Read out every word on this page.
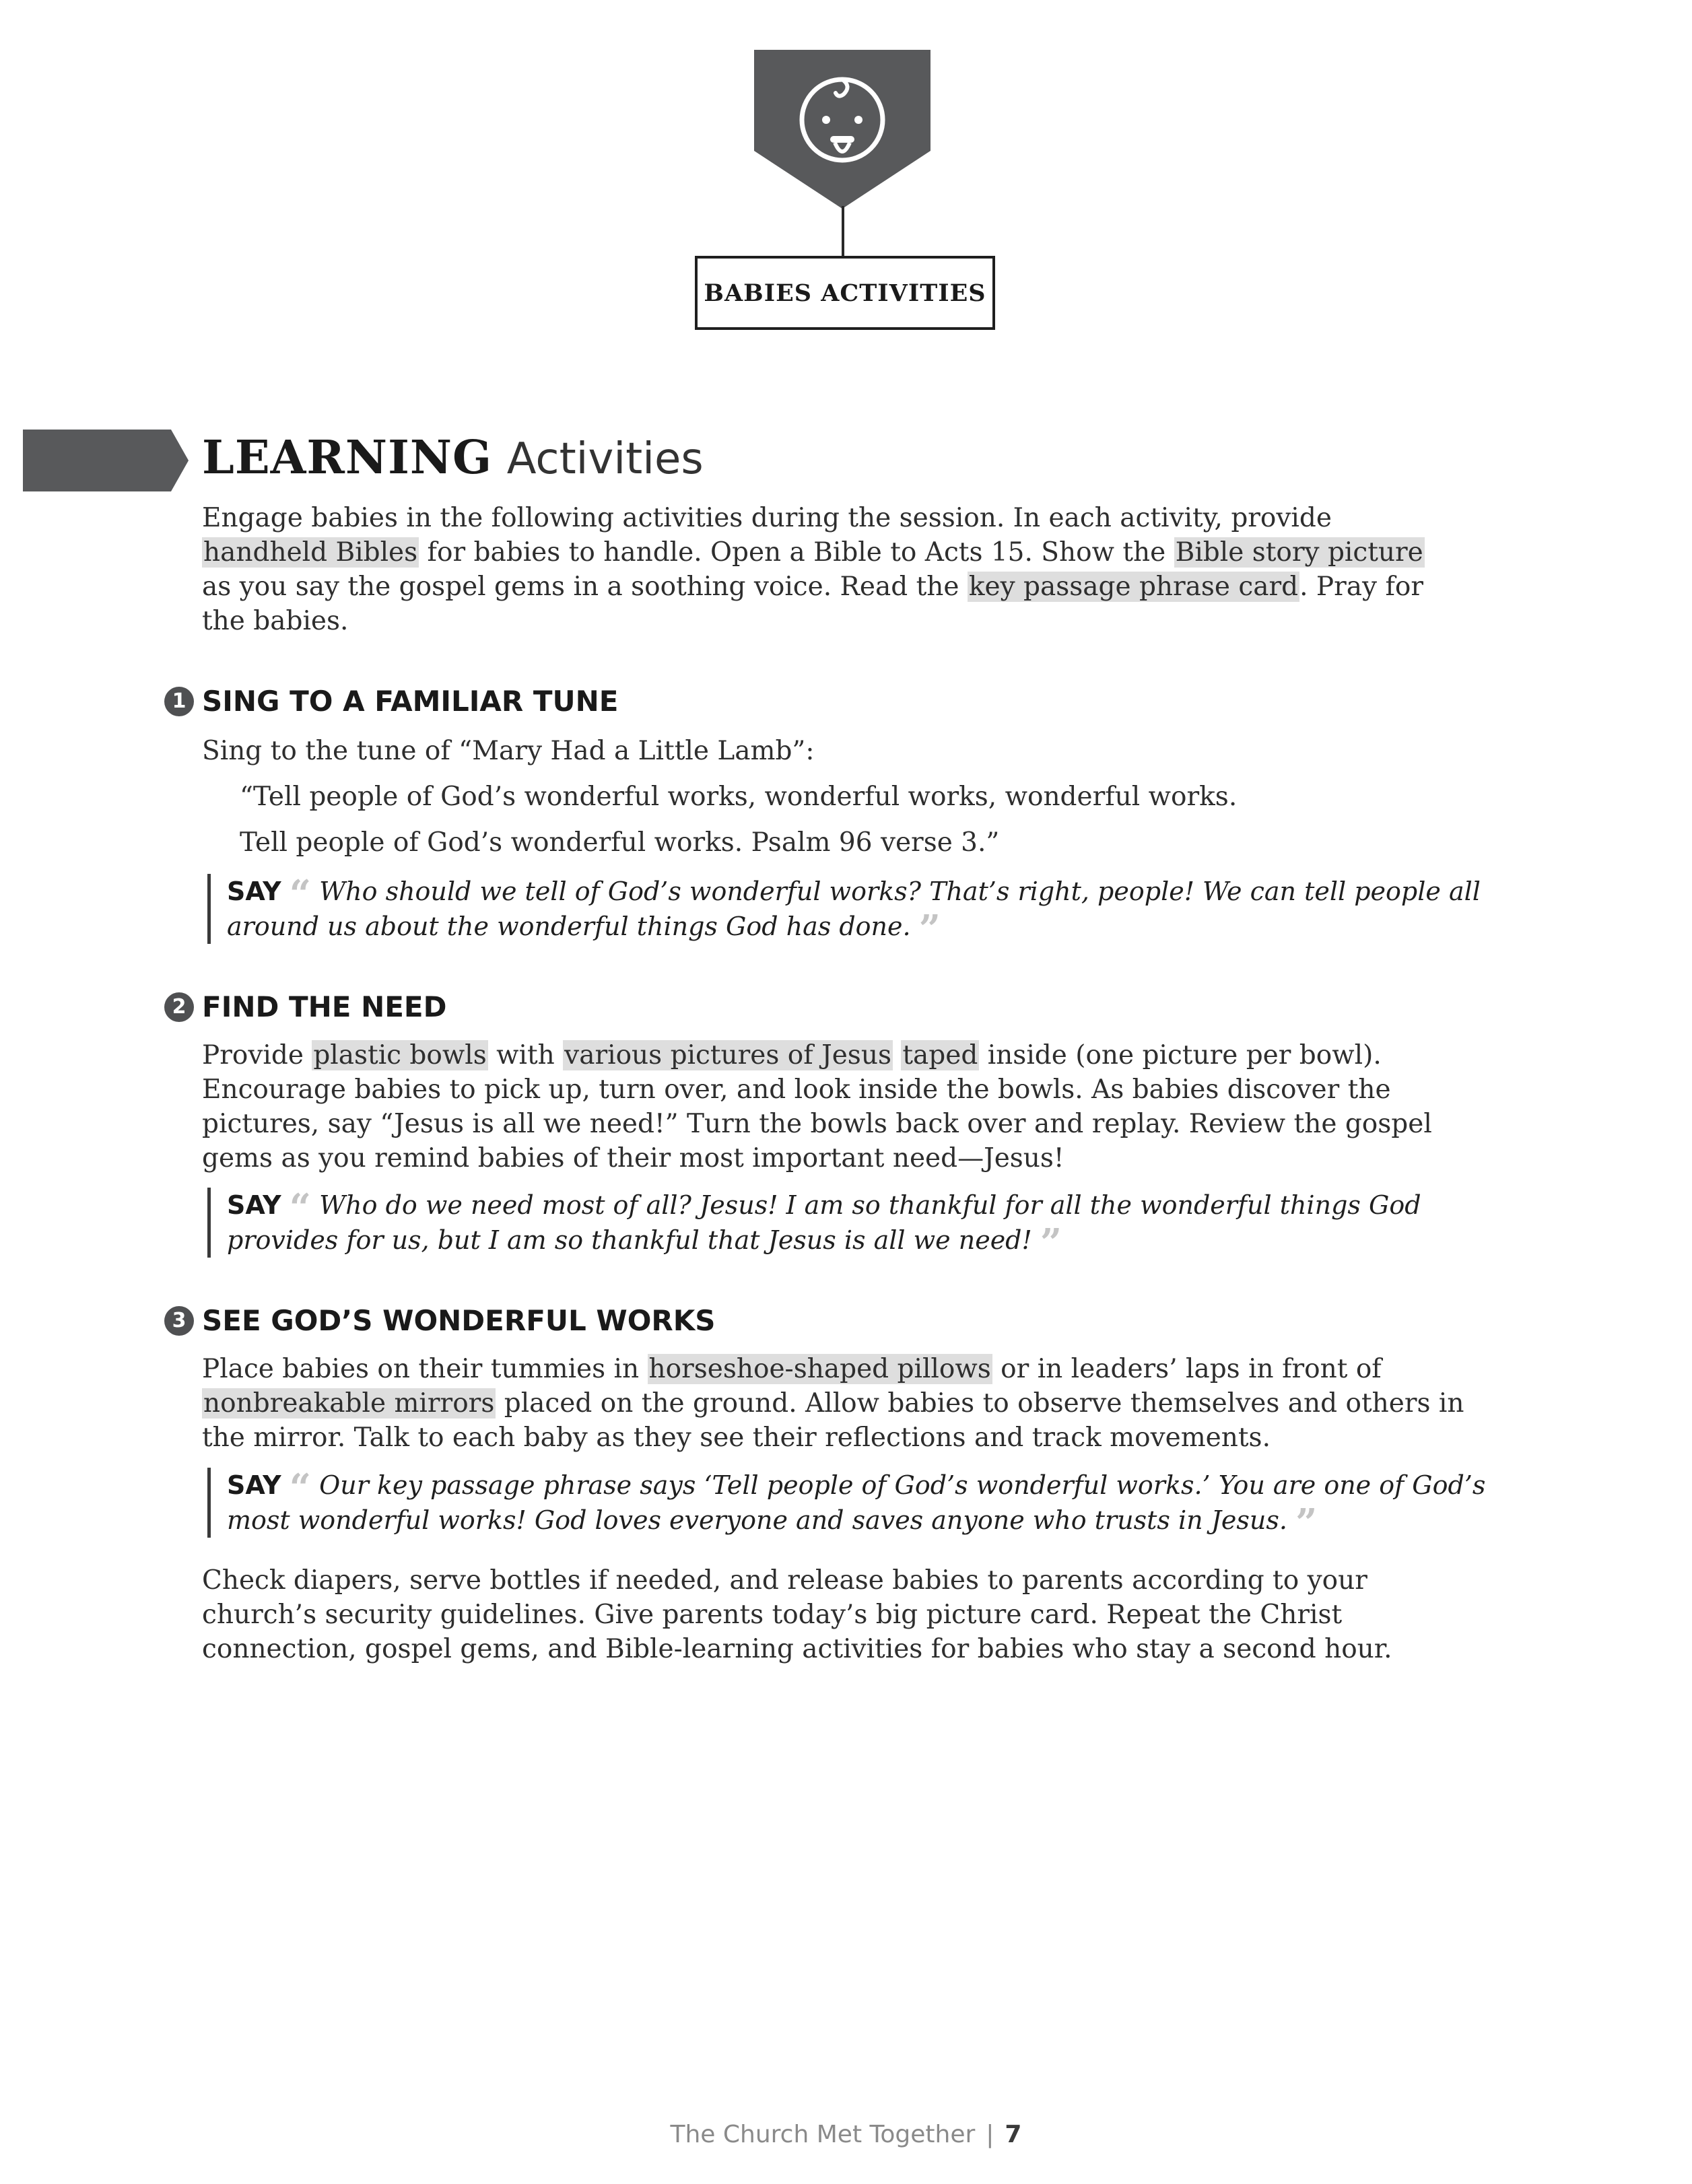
BABIES ACTIVITIES
LEARNING Activities
Engage babies in the following activities during the session. In each activity, provide
handheld Bibles for babies to handle. Open a Bible to Acts 15. Show the Bible story picture
as you say the gospel gems in a soothing voice. Read the key passage phrase card. Pray for
the babies.
1 SING TO A FAMILIAR TUNE
Sing to the tune of “Mary Had a Little Lamb”:
“Tell people of God’s wonderful works, wonderful works, wonderful works.
Tell people of God’s wonderful works. Psalm 96 verse 3.”
SAY “ Who should we tell of God’s wonderful works? That’s right, people! We can tell people all
around us about the wonderful things God has done. ”
2 FIND THE NEED
Provide plastic bowls with various pictures of Jesus taped inside (one picture per bowl).
Encourage babies to pick up, turn over, and look inside the bowls. As babies discover the
pictures, say “Jesus is all we need!” Turn the bowls back over and replay. Review the gospel
gems as you remind babies of their most important need—Jesus!
SAY “ Who do we need most of all? Jesus! I am so thankful for all the wonderful things God
provides for us, but I am so thankful that Jesus is all we need! ”
3 SEE GOD’S WONDERFUL WORKS
Place babies on their tummies in horseshoe-shaped pillows or in leaders’ laps in front of
nonbreakable mirrors placed on the ground. Allow babies to observe themselves and others in
the mirror. Talk to each baby as they see their reflections and track movements.
SAY “ Our key passage phrase says ‘Tell people of God’s wonderful works.’ You are one of God’s
most wonderful works! God loves everyone and saves anyone who trusts in Jesus. ”
Check diapers, serve bottles if needed, and release babies to parents according to your
church’s security guidelines. Give parents today’s big picture card. Repeat the Christ
connection, gospel gems, and Bible-learning activities for babies who stay a second hour.
The Church Met Together | 7
